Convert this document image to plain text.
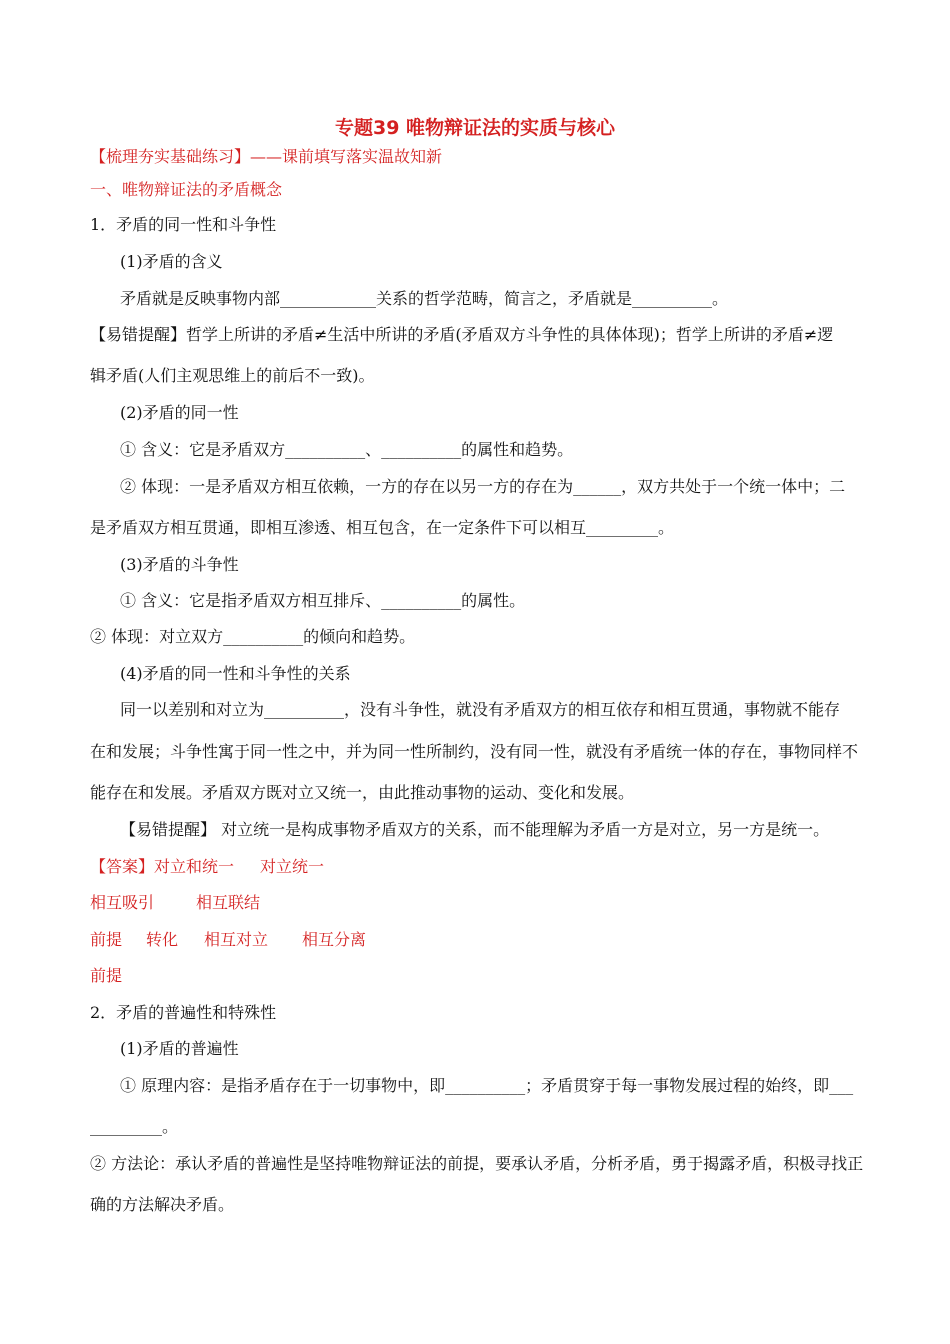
专题39 唯物辩证法的实质与核心
【梳理夯实基础练习】——课前填写落实温故知新
一、唯物辩证法的矛盾概念
1．矛盾的同一性和斗争性
(1)矛盾的含义
矛盾就是反映事物内部____________关系的哲学范畴，简言之，矛盾就是__________。
【易错提醒】哲学上所讲的矛盾≠生活中所讲的矛盾(矛盾双方斗争性的具体体现)；哲学上所讲的矛盾≠逻
辑矛盾(人们主观思维上的前后不一致)。
(2)矛盾的同一性
① 含义：它是矛盾双方__________、__________的属性和趋势。
② 体现：一是矛盾双方相互依赖，一方的存在以另一方的存在为______，双方共处于一个统一体中；二
是矛盾双方相互贯通，即相互渗透、相互包含，在一定条件下可以相互_________。
(3)矛盾的斗争性
① 含义：它是指矛盾双方相互排斥、__________的属性。
② 体现：对立双方__________的倾向和趋势。
(4)矛盾的同一性和斗争性的关系
同一以差别和对立为__________，没有斗争性，就没有矛盾双方的相互依存和相互贯通，事物就不能存
在和发展；斗争性寓于同一性之中，并为同一性所制约，没有同一性，就没有矛盾统一体的存在，事物同样不
能存在和发展。矛盾双方既对立又统一，由此推动事物的运动、变化和发展。
【易错提醒】 对立统一是构成事物矛盾双方的关系，而不能理解为矛盾一方是对立，另一方是统一。
【答案】对立和统一 对立统一
相互吸引	相互联结
前提 转化 相互对立 相互分离
前提
2．矛盾的普遍性和特殊性
(1)矛盾的普遍性
① 原理内容：是指矛盾存在于一切事物中，即__________；矛盾贯穿于每一事物发展过程的始终，即___
_________。
② 方法论：承认矛盾的普遍性是坚持唯物辩证法的前提，要承认矛盾，分析矛盾，勇于揭露矛盾，积极寻找正
确的方法解决矛盾。
